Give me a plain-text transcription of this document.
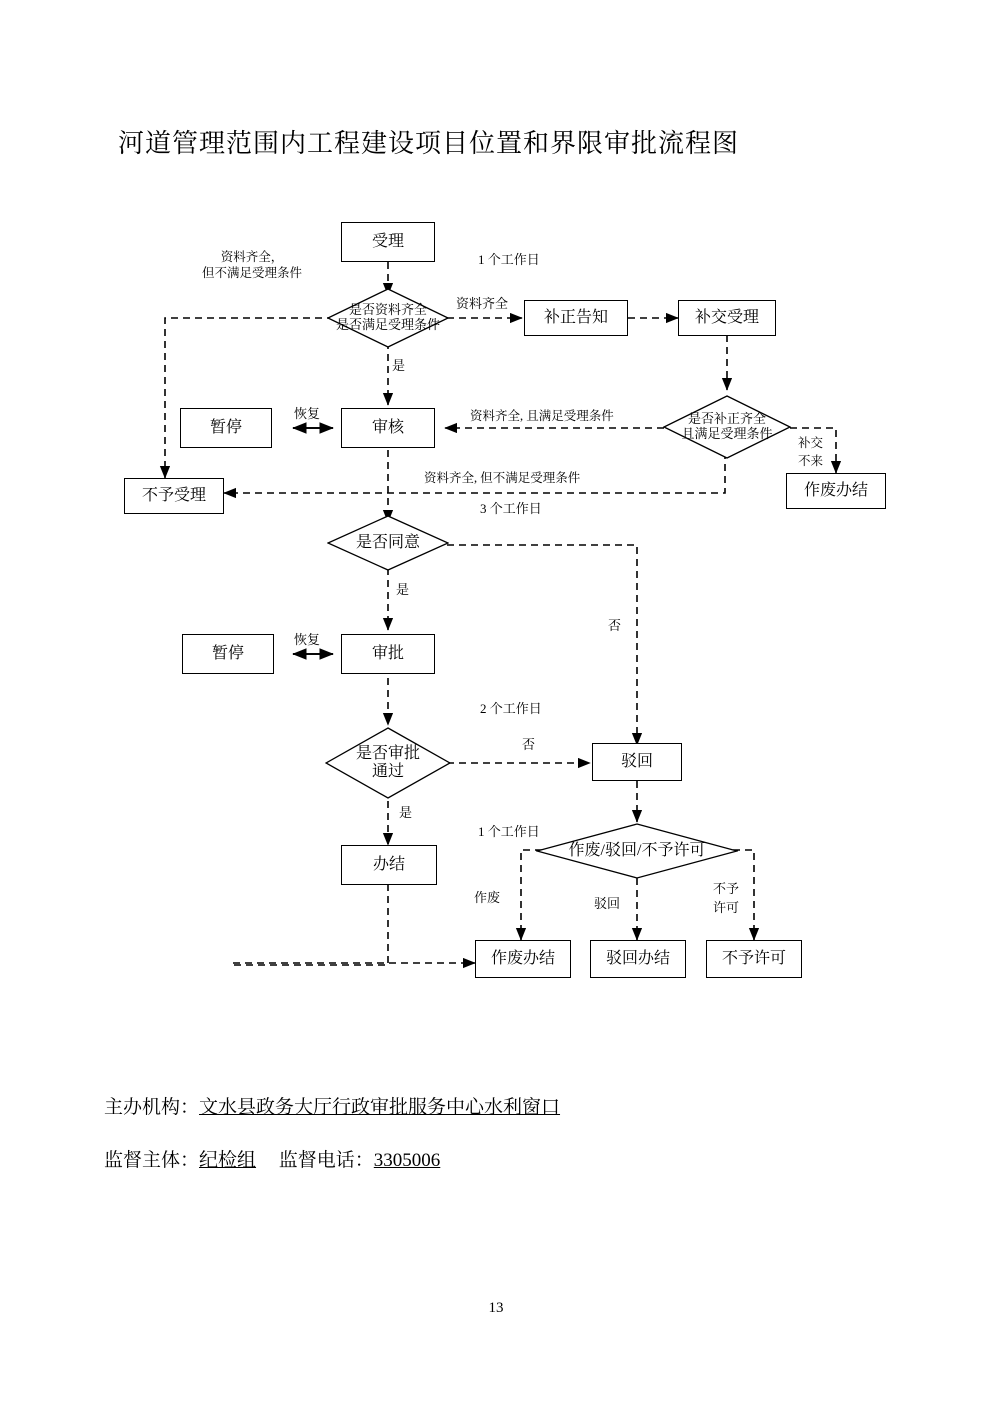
河道管理范围内工程建设项目位置和界限审批流程图
受理
是否资料齐全
是否满足受理条件	补正告知	补交受理
是否补正齐全
且满足受理条件
暂停	审核
不予受理	作废办结
是否同意
暂停	审批
是否审批
通过
驳回
办结
作废/驳回/不予许可
作废办结	驳回办结	不予许可
1 个工作日
资料齐全
资料齐全，
但不满足受理条件
是
恢复	资料齐全, 且满足受理条件
资料齐全, 但不满足受理条件
补交
不来
3 个工作日
是
否
恢复
2 个工作日
否
是
1 个工作日
作废	驳回
不予
许可
主办机构：文水县政务大厅行政审批服务中心水利窗口
监督主体：纪检组 监督电话：3305006
13
